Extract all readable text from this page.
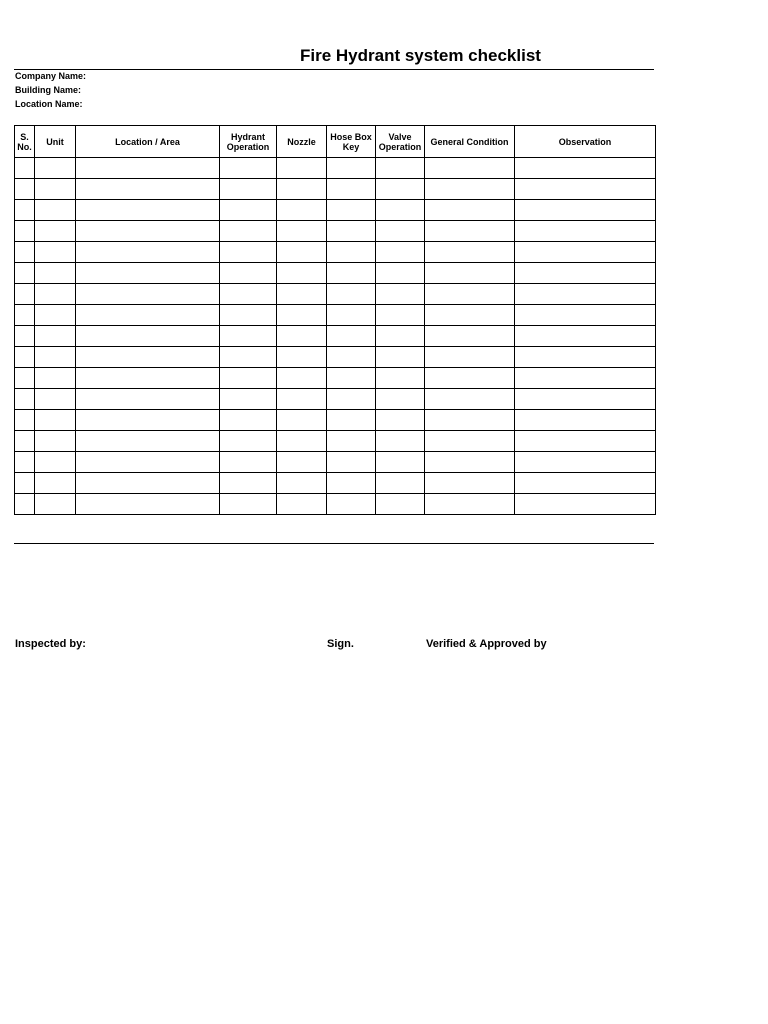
Fire Hydrant system checklist
Company Name:
Building Name:
Location Name:
S. No.	Unit	Location / Area	Hydrant Operation	Nozzle	Hose Box Key	Valve Operation	General Condition	Observation

Inspected by:	Sign.	Verified & Approved by
